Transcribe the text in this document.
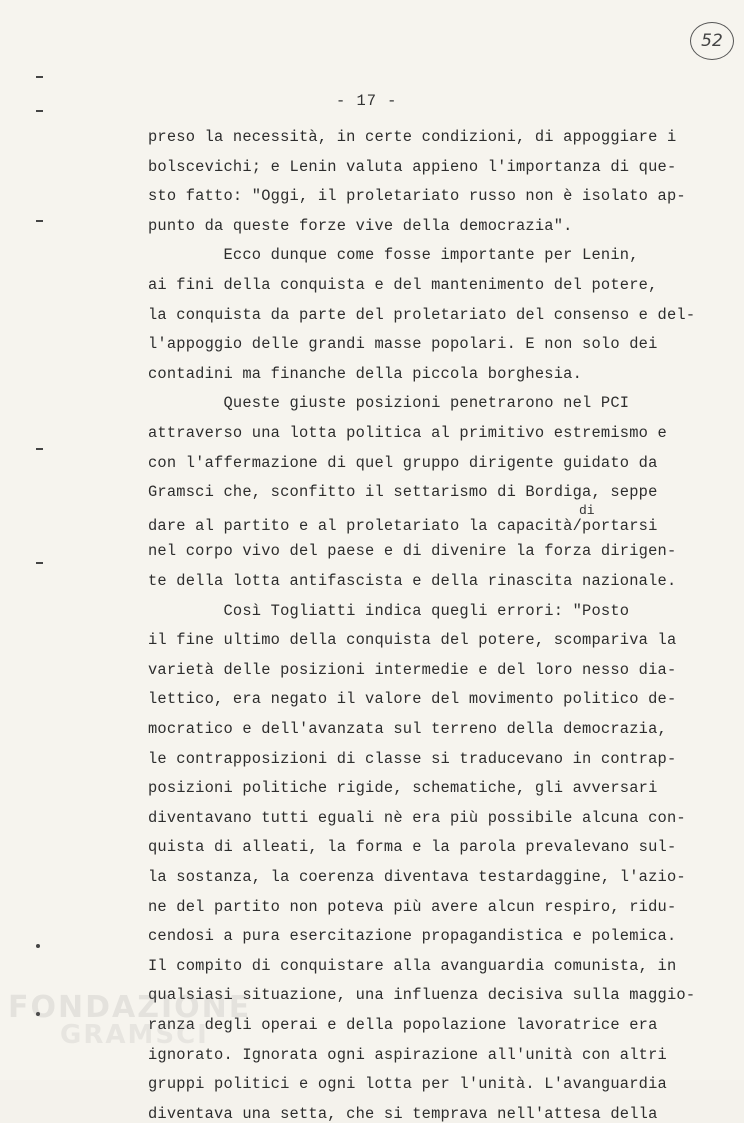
52
- 17 -
di
preso la necessità, in certe condizioni, di appoggiare i
bolscevichi; e Lenin valuta appieno l'importanza di que-
sto fatto: "Oggi, il proletariato russo non è isolato ap-
punto da queste forze vive della democrazia".
Ecco dunque come fosse importante per Lenin,
ai fini della conquista e del mantenimento del potere,
la conquista da parte del proletariato del consenso e del-
l'appoggio delle grandi masse popolari. E non solo dei
contadini ma finanche della piccola borghesia.
Queste giuste posizioni penetrarono nel PCI
attraverso una lotta politica al primitivo estremismo e
con l'affermazione di quel gruppo dirigente guidato da
Gramsci che, sconfitto il settarismo di Bordiga, seppe
dare al partito e al proletariato la capacità/portarsi
nel corpo vivo del paese e di divenire la forza dirigen-
te della lotta antifascista e della rinascita nazionale.
Così Togliatti indica quegli errori: "Posto
il fine ultimo della conquista del potere, scompariva la
varietà delle posizioni intermedie e del loro nesso dia-
lettico, era negato il valore del movimento politico de-
mocratico e dell'avanzata sul terreno della democrazia,
le contrapposizioni di classe si traducevano in contrap-
posizioni politiche rigide, schematiche, gli avversari
diventavano tutti eguali nè era più possibile alcuna con-
quista di alleati, la forma e la parola prevalevano sul-
la sostanza, la coerenza diventava testardaggine, l'azio-
ne del partito non poteva più avere alcun respiro, ridu-
cendosi a pura esercitazione propagandistica e polemica.
Il compito di conquistare alla avanguardia comunista, in
qualsiasi situazione, una influenza decisiva sulla maggio-
ranza degli operai e della popolazione lavoratrice era
ignorato. Ignorata ogni aspirazione all'unità con altri
gruppi politici e ogni lotta per l'unità. L'avanguardia
diventava una setta, che si temprava nell'attesa della
FONDAZIONE
GRAMSCI
